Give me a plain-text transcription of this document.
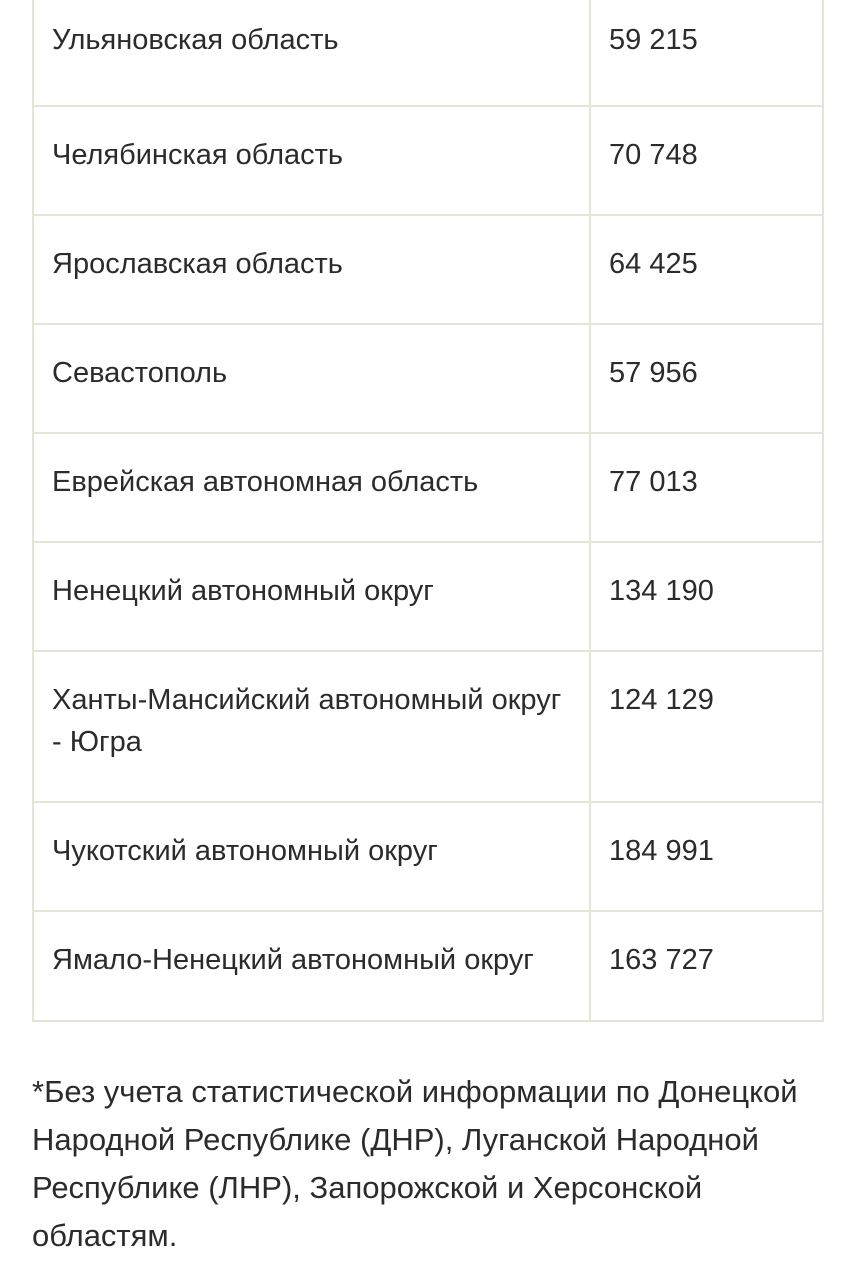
Ульяновская область	59 215
Челябинская область	70 748
Ярославская область	64 425
Севастополь	57 956
Еврейская автономная область	77 013
Ненецкий автономный округ	134 190
Ханты-Мансийский автономный округ - Югра	124 129
Чукотский автономный округ	184 991
Ямало-Ненецкий автономный округ	163 727

*Без учета статистической информации по Донецкой Народной Республике (ДНР), Луганской Народной Республике (ЛНР), Запорожской и Херсонской областям.
